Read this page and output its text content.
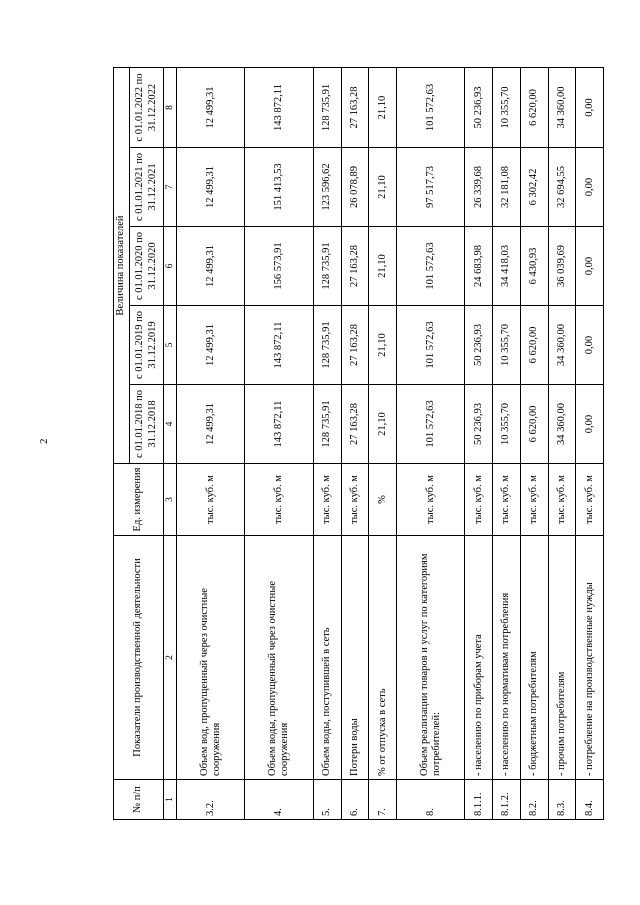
2
№ п/п	Показатели производственной деятельности	Ед. измерения	Величина показателей				
			с 01.01.2018 по 31.12.2018	с 01.01.2019 по 31.12.2019	с 01.01.2020 по 31.12.2020	с 01.01.2021 по 31.12.2021	с 01.01.2022 по 31.12.2022
1	2	3	4	5	6	7	8
3.2.	Объем вод, пропущенный через очистные сооружения	тыс. куб. м	12 499,31	12 499,31	12 499,31	12 499,31	12 499,31
4.	Объем воды, пропущенный через очистные сооружения	тыс. куб. м	143 872,11	143 872,11	156 573,91	151 413,53	143 872,11
5.	Объем воды, поступившей в сеть	тыс. куб. м	128 735,91	128 735,91	128 735,91	123 596,62	128 735,91
6.	Потери воды	тыс. куб. м	27 163,28	27 163,28	27 163,28	26 078,89	27 163,28
7.	% от отпуска в сеть	%	21,10	21,10	21,10	21,10	21,10
8.	Объем реализации товаров и услуг по категориям потребителей:	тыс. куб. м	101 572,63	101 572,63	101 572,63	97 517,73	101 572,63
8.1.1.	- населению по приборам учета	тыс. куб. м	50 236,93	50 236,93	24 683,98	26 339,68	50 236,93
8.1.2.	- населению по нормативам потребления	тыс. куб. м	10 355,70	10 355,70	34 418,03	32 181,08	10 355,70
8.2.	- бюджетным потребителям	тыс. куб. м	6 620,00	6 620,00	6 430,93	6 302,42	6 620,00
8.3.	- прочим потребителям	тыс. куб. м	34 360,00	34 360,00	36 039,69	32 694,55	34 360,00
8.4.	- потребление на производственные нужды	тыс. куб. м	0,00	0,00	0,00	0,00	0,00
